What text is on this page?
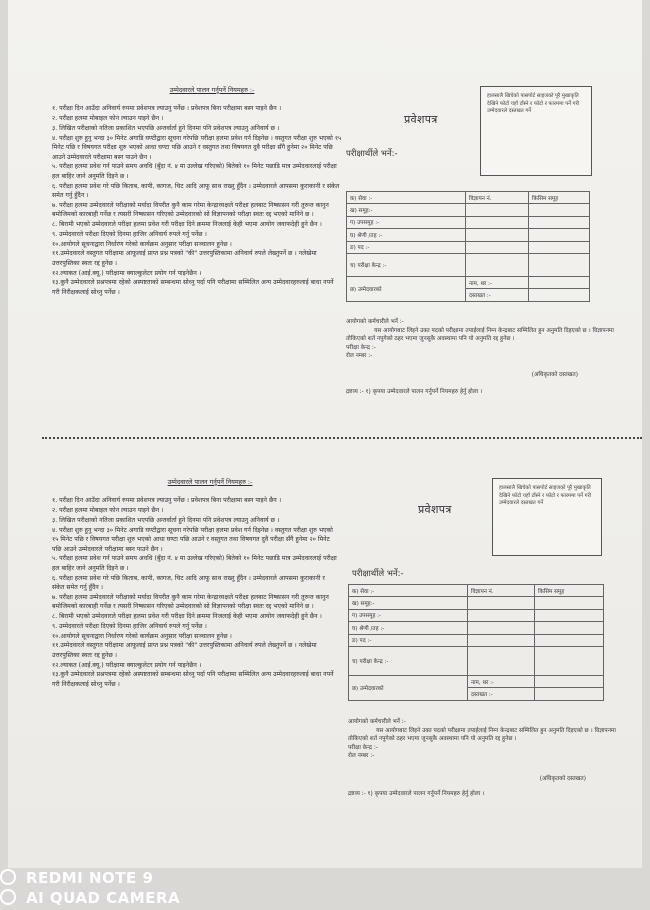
उम्मेदवारले पालन गर्नुपर्ने नियमहरु :-
१. परीक्षा दिन आउँदा अनिवार्य रुपमा प्रवेशपत्र ल्याउनु पर्नेछ । प्रवेशपत्र बिना परीक्षामा बस्न पाइने छैन ।
२. परीक्षा हलमा मोबाइल फोन ल्याउन पाइने छैन ।
३. लिखित परीक्षाको नतिजा प्रकाशित भएपछि अन्तर्वार्ता हुने दिनमा पनि प्रवेशपत्र ल्याउनु अनिवार्य छ ।
४. परीक्षा शुरु हुनु भन्दा ३० मिनेट अगाडि घण्टीद्वारा सूचना गरेपछि परीक्षा हलमा प्रवेश गर्न दिइनेछ । वस्तुगत परीक्षा शुरु भएको १५ मिनेट पछि र विषयगत परीक्षा शुरु भएको आधा घण्टा पछि आउने र वस्तुगत तथा विषयगत दुवै परीक्षा सँगै हुनेमा २० मिनेट पछि आउने उम्मेदवारले परीक्षामा बस्न पाउने छैन ।
५. परीक्षा हलमा प्रवेश गर्न पाउने समय अवधि (बुँदा नं. ४ मा उल्लेख गरिएको) बितेको १० मिनेट पछाडि मात्र उम्मेदवारलाई परीक्षा हल बाहिर जाने अनुमति दिइने छ ।
६. परीक्षा हलमा प्रवेश गरे पछि किताब, कापी, कागज, चिट आदि आफू साथ राख्नु हुँदैन । उम्मेदवारले आपसमा कुराकानी र संकेत समेत गर्नु हुँदैन ।
७. परीक्षा हलमा उम्मेदवारले परीक्षाको मर्यादा विपरीत कुनै काम गरेमा केन्द्राध्यक्षले परीक्षा हलबाट निष्कासन गरी तुरुन्त कानुन बमोजिमको कारबाही गर्नेछ र त्यसरी निष्कासन गरिएको उम्मेदवारको सो विज्ञापनको परीक्षा स्वतः रद्द भएको मानिने छ ।
८. बिरामी भएको उम्मेदवारले परीक्षा हलमा प्रवेश गरी परीक्षा दिने क्रममा निजलाई केही भएमा आयोग जवाफदेही हुने छैन ।
९. उम्मेदवारले परीक्षा दिएको दिनमा हाजिर अनिवार्य रुपले गर्नु पर्नेछ ।
१०.आयोगले सूचनाद्वारा निर्धारण गरेको कार्यक्रम अनुसार परीक्षा सञ्चालन हुनेछ ।
११.उम्मेदवारले वस्तुगत परीक्षामा आफूलाई प्राप्त प्रश्न पत्रको "की" उत्तरपुस्तिकामा अनिवार्य रुपले लेख्नुपर्ने छ । नलेखेमा उत्तरपुस्तिका स्वतः रद्द हुनेछ ।
१२.ल्याकत (आई.क्यू.) परीक्षामा क्याल्कुलेटर प्रयोग गर्न पाइनेछैन ।
१३.कुनै उम्मेदवारले प्रश्नपत्रमा रहेको अस्पष्टताको सम्बन्धमा सोध्नु पर्दा पनि परीक्षामा सम्मिलित अन्य उम्मेदवारहरुलाई बाधा नपर्ने गरी निरीक्षकलाई सोध्नु पर्नेछ ।
प्रवेशपत्र
हालसालै खिचेको पासपोर्ट साइजको पूरै मुखाकृति देखिने फोटो यहाँ टाँस्ने र फोटो र फारममा पर्ने गरी उम्मेदवारले दस्तखत गर्ने
परीक्षार्थीले भर्ने:-
क) सेवा :-	विज्ञापन नं.	किसिम समूह
ख) समूह:-		
ग) उपसमूह :-		
घ) श्रेणी /तह :-		
ङ) पद :-		
च) परीक्षा केन्द्र :-		
छ) उम्मेदवारको	नाम, थर :-	
	दस्तखत :-	
आयोगको कर्मचारीले भर्ने :-
यस आयोगबाट लिइने उक्त पदको परीक्षामा तपाईलाई निम्न केन्द्रबाट सम्मिलित हुन अनुमति दिइएको छ । विज्ञापनमा तोकिएको शर्त नपुगेको ठहर भएमा जुनसुकै अवस्थामा पनि यो अनुमति रद्द हुनेछ ।
परीक्षा केन्द्र :-
रोल नम्बर :-
(अधिकृतको दस्तखत)
द्रष्टव्य :- १) कृपया उम्मेदवारले पालन गर्नुपर्ने नियमहरु हेर्नु होला ।
उम्मेदवारले पालन गर्नुपर्ने नियमहरु :-
१. परीक्षा दिन आउँदा अनिवार्य रुपमा प्रवेशपत्र ल्याउनु पर्नेछ । प्रवेशपत्र बिना परीक्षामा बस्न पाइने छैन ।
२. परीक्षा हलमा मोबाइल फोन ल्याउन पाइने छैन ।
३. लिखित परीक्षाको नतिजा प्रकाशित भएपछि अन्तर्वार्ता हुने दिनमा पनि प्रवेशपत्र ल्याउनु अनिवार्य छ ।
४. परीक्षा शुरु हुनु भन्दा ३० मिनेट अगाडि घण्टीद्वारा सूचना गरेपछि परीक्षा हलमा प्रवेश गर्न दिइनेछ । वस्तुगत परीक्षा शुरु भएको १५ मिनेट पछि र विषयगत परीक्षा शुरु भएको आधा घण्टा पछि आउने र वस्तुगत तथा विषयगत दुवै परीक्षा सँगै हुनेमा २० मिनेट पछि आउने उम्मेदवारले परीक्षामा बस्न पाउने छैन ।
५. परीक्षा हलमा प्रवेश गर्न पाउने समय अवधि (बुँदा नं. ४ मा उल्लेख गरिएको) बितेको १० मिनेट पछाडि मात्र उम्मेदवारलाई परीक्षा हल बाहिर जाने अनुमति दिइने छ ।
६. परीक्षा हलमा प्रवेश गरे पछि किताब, कापी, कागज, चिट आदि आफू साथ राख्नु हुँदैन । उम्मेदवारले आपसमा कुराकानी र संकेत समेत गर्नु हुँदैन ।
७. परीक्षा हलमा उम्मेदवारले परीक्षाको मर्यादा विपरीत कुनै काम गरेमा केन्द्राध्यक्षले परीक्षा हलबाट निष्कासन गरी तुरुन्त कानुन बमोजिमको कारबाही गर्नेछ र त्यसरी निष्कासन गरिएको उम्मेदवारको सो विज्ञापनको परीक्षा स्वतः रद्द भएको मानिने छ ।
८. बिरामी भएको उम्मेदवारले परीक्षा हलमा प्रवेश गरी परीक्षा दिने क्रममा निजलाई केही भएमा आयोग जवाफदेही हुने छैन ।
९. उम्मेदवारले परीक्षा दिएको दिनमा हाजिर अनिवार्य रुपले गर्नु पर्नेछ ।
१०.आयोगले सूचनाद्वारा निर्धारण गरेको कार्यक्रम अनुसार परीक्षा सञ्चालन हुनेछ ।
११.उम्मेदवारले वस्तुगत परीक्षामा आफूलाई प्राप्त प्रश्न पत्रको "की" उत्तरपुस्तिकामा अनिवार्य रुपले लेख्नुपर्ने छ । नलेखेमा उत्तरपुस्तिका स्वतः रद्द हुनेछ ।
१२.ल्याकत (आई.क्यू.) परीक्षामा क्याल्कुलेटर प्रयोग गर्न पाइनेछैन ।
१३.कुनै उम्मेदवारले प्रश्नपत्रमा रहेको अस्पष्टताको सम्बन्धमा सोध्नु पर्दा पनि परीक्षामा सम्मिलित अन्य उम्मेदवारहरुलाई बाधा नपर्ने गरी निरीक्षकलाई सोध्नु पर्नेछ ।
प्रवेशपत्र
हालसालै खिचेको पासपोर्ट साइजको पूरै मुखाकृति देखिने फोटो यहाँ टाँस्ने र फोटो र फारममा पर्ने गरी उम्मेदवारले दस्तखत गर्ने
परीक्षार्थीले भर्ने:-
क) सेवा :-	विज्ञापन नं.	किसिम समूह
ख) समूह:-		
ग) उपसमूह :-		
घ) श्रेणी /तह :-		
ङ) पद :-		
च) परीक्षा केन्द्र :-		
छ) उम्मेदवारको	नाम, थर :-	
	दस्तखत :-	
आयोगको कर्मचारीले भर्ने :-
यस आयोगबाट लिइने उक्त पदको परीक्षामा तपाईलाई निम्न केन्द्रबाट सम्मिलित हुन अनुमति दिइएको छ । विज्ञापनमा तोकिएको शर्त नपुगेको ठहर भएमा जुनसुकै अवस्थामा पनि यो अनुमति रद्द हुनेछ ।
परीक्षा केन्द्र :-
रोल नम्बर :-
(अधिकृतको दस्तखत)
द्रष्टव्य :- १) कृपया उम्मेदवारले पालन गर्नुपर्ने नियमहरु हेर्नु होला ।
REDMI NOTE 9
AI QUAD CAMERA
